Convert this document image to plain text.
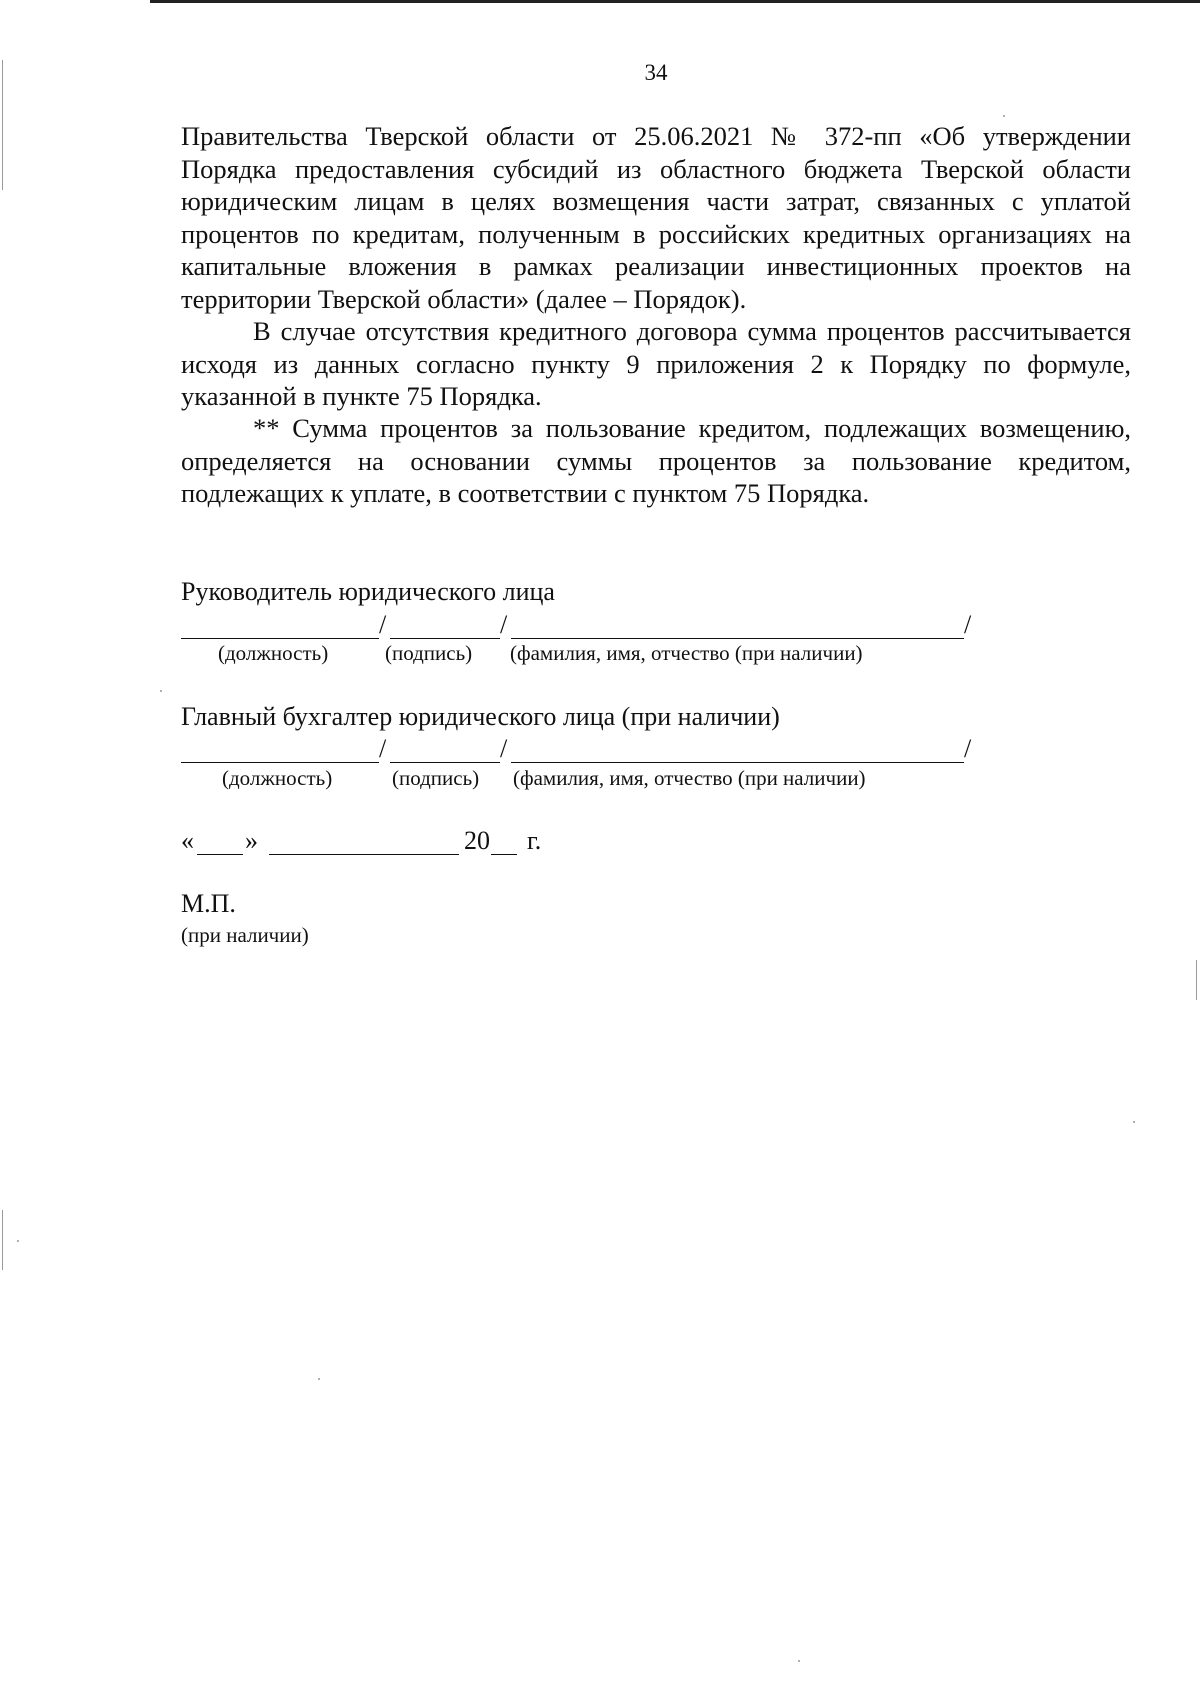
34

Правительства Тверской области от 25.06.2021 № 372-пп «Об утверждении Порядка предоставления субсидий из областного бюджета Тверской области юридическим лицам в целях возмещения части затрат, связанных с уплатой процентов по кредитам, полученным в российских кредитных организациях на капитальные вложения в рамках реализации инвестиционных проектов на территории Тверской области» (далее – Порядок).

В случае отсутствия кредитного договора сумма процентов рассчитывается исходя из данных согласно пункту 9 приложения 2 к Порядку по формуле, указанной в пункте 75 Порядка.

** Сумма процентов за пользование кредитом, подлежащих возмещению, определяется на основании суммы процентов за пользование кредитом, подлежащих к уплате, в соответствии с пунктом 75 Порядка.

Руководитель юридического лица
/	/	/
(должность)	(подпись) (фамилия, имя, отчество (при наличии)
Главный бухгалтер юридического лица (при наличии)
/	/	/
(должность)	(подпись) (фамилия, имя, отчество (при наличии)
« »	20 г.
М.П.
(при наличии)
